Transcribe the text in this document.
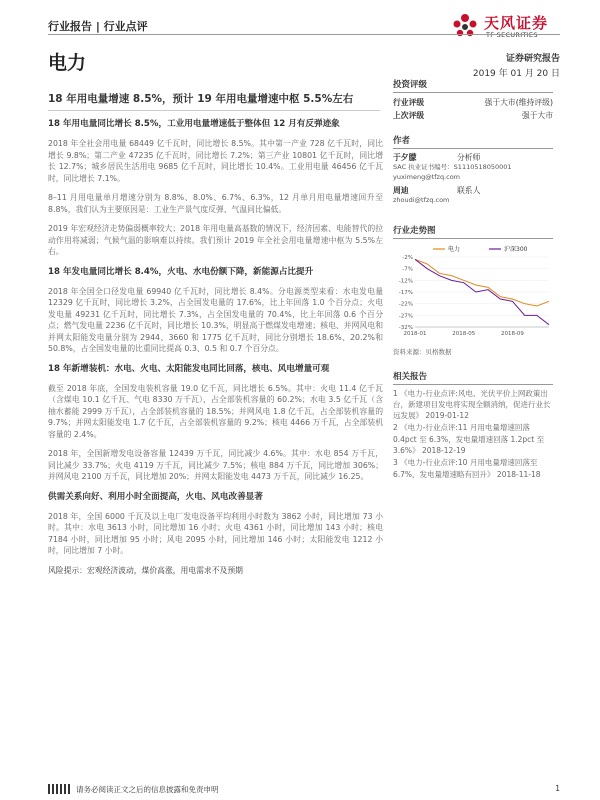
行业报告 | 行业点评	天风证券
TF SECURITIES
电力	证券研究报告
2019 年 01 月 20 日
18 年用电量增速 8.5%，预计 19 年用电量增速中枢 5.5%左右
18 年用电量同比增长 8.5%，工业用电量增速低于整体但 12 月有反弹迹象
2018 年全社会用电量 68449 亿千瓦时，同比增长 8.5%。其中第一产业 728 亿千瓦时，同比增长 9.8%；第二产业 47235 亿千瓦时，同比增长 7.2%；第三产业 10801 亿千瓦时，同比增长 12.7%；城乡居民生活用电 9685 亿千瓦时，同比增长 10.4%。工业用电量 46456 亿千瓦时，同比增长 7.1%。
8–11 月用电量单月增速分别为 8.8%、8.0%、6.7%、6.3%，12 月单月用电量增速回升至 8.8%，我们认为主要原因是：工业生产景气度反弹、气温同比偏低。
2019 年宏观经济走势偏弱概率较大；2018 年用电量高基数的情况下，经济因素、电能替代的拉动作用将减弱；气候气温的影响难以持续。我们预计 2019 年全社会用电量增速中枢为 5.5%左右。
18 年发电量同比增长 8.4%，火电、水电份额下降，新能源占比提升
2018 年全国全口径发电量 69940 亿千瓦时，同比增长 8.4%。分电源类型来看：水电发电量 12329 亿千瓦时，同比增长 3.2%，占全国发电量的 17.6%，比上年回落 1.0 个百分点；火电发电量 49231 亿千瓦时，同比增长 7.3%，占全国发电量的 70.4%，比上年回落 0.6 个百分点；燃气发电量 2236 亿千瓦时，同比增长 10.3%，明显高于燃煤发电增速；核电、并网风电和并网太阳能发电量分别为 2944、3660 和 1775 亿千瓦时，同比分别增长 18.6%、20.2%和 50.8%，占全国发电量的比重同比提高 0.3、0.5 和 0.7 个百分点。
18 年新增装机：水电、火电、太阳能发电同比回落，核电、风电增量可观
截至 2018 年底，全国发电装机容量 19.0 亿千瓦，同比增长 6.5%。其中：火电 11.4 亿千瓦（含煤电 10.1 亿千瓦、气电 8330 万千瓦），占全部装机容量的 60.2%；水电 3.5 亿千瓦（含抽水蓄能 2999 万千瓦），占全部装机容量的 18.5%；并网风电 1.8 亿千瓦，占全部装机容量的 9.7%；并网太阳能发电 1.7 亿千瓦，占全部装机容量的 9.2%；核电 4466 万千瓦，占全部装机容量的 2.4%。
2018 年，全国新增发电设备容量 12439 万千瓦，同比减少 4.6%。其中：水电 854 万千瓦，同比减少 33.7%；火电 4119 万千瓦，同比减少 7.5%；核电 884 万千瓦，同比增加 306%；并网风电 2100 万千瓦，同比增加 20%；并网太阳能发电 4473 万千瓦，同比减少 16.25。
供需关系向好、利用小时全面提高，火电、风电改善显著
2018 年，全国 6000 千瓦及以上电厂发电设备平均利用小时数为 3862 小时，同比增加 73 小时。其中：水电 3613 小时，同比增加 16 小时；火电 4361 小时，同比增加 143 小时；核电 7184 小时，同比增加 95 小时；风电 2095 小时，同比增加 146 小时；太阳能发电 1212 小时，同比增加 7 小时。
风险提示：宏观经济波动，煤价高涨，用电需求不及预期
投资评级
行业评级	强于大市(维持评级)
上次评级	强于大市
作者
于夕朦	分析师
SAC 执业证书编号：S1110518050001
yuximeng@tfzq.com
周迪	联系人
zhoudi@tfzq.com
行业走势图
-2%
-7%
-12%
-17%
-22%
-27%
-32%
2018-01	2018-05	2018-09
电力	沪深300
资料来源：贝格数据
相关报告
1 《电力-行业点评:风电、光伏平价上网政策出台，新建项目发电将实现全额消纳，促进行业长远发展》 2019-01-12
2 《电力-行业点评:11 月用电量增速回落 0.4pct 至 6.3%，发电量增速回落 1.2pct 至 3.6%》 2018-12-19
3 《电力-行业点评:10 月用电量增速回落至 6.7%，发电量增速略有回升》 2018-11-18
请务必阅读正文之后的信息披露和免责申明	1
